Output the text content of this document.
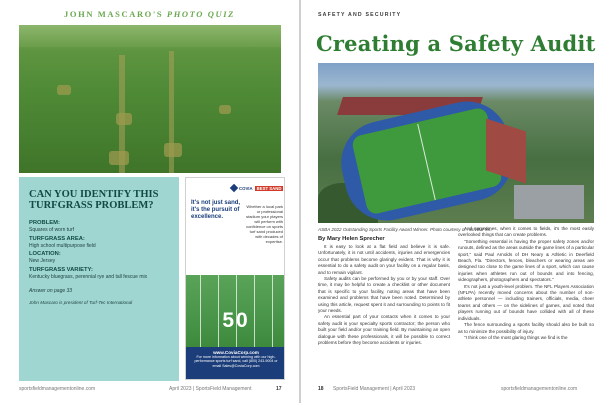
JOHN MASCARO'S PHOTO QUIZ
CAN YOU IDENTIFY THIS TURFGRASS PROBLEM?
PROBLEM:
Squares of worn turf
TURFGRASS AREA:
High school multipurpose field
LOCATION:
New Jersey
TURFGRASS VARIETY:
Kentucky bluegrass, perennial rye and tall fescue mix
Answer on page 33
John Mascaro is president of Turf-Tec International
COVIA BEST SAND
It's not just sand, it's the pursuit of excellence.
Whether a local park or professional stadium your players will perform with confidence on sports turf sand produced with decades of expertise.
50
www.CoviaCorp.com
For more information about winning with our high-performance sports turf sand, call (800) 243-9004 or email Sales@CoviaCorp.com
sportsfieldmanagementonline.com	April 2023 | SportsField Management	17
SAFETY AND SECURITY
Creating a Safety Audit
ASBA 2022 Outstanding Sports Facility Award Winner. Photo courtesy of ActivBal Inc.
By Mary Helen Sprecher

It is easy to look at a flat field and believe it is safe. Unfortunately, it is not until accidents, injuries and emergencies occur that problems become glaringly evident. That is why it is essential to do a safety audit on your facility on a regular basis, and to remain vigilant.

Safety audits can be performed by you or by your staff. Over time, it may be helpful to create a checklist or other document that is specific to your facility, noting areas that have been examined and problems that have been noted. Determined by using this article, request spent it and surrounding to points to fit your needs.

An essential part of your contacts when it comes to your safety audit is your specialty sports contractor; the person who built your field and/or your training field. By maintaining an open dialogue with these professionals, it will be possible to correct problems before they become accidents or injuries.

And sometimes, when it comes to fields, it's the most easily overlooked things that can create problems.

"Something essential is having the proper safety zones and/or runouts, defined as the areas outside the game lines of a particular sport," said Paul Arnolds of DH Neary & Athletic in Deerfield Beach, Fla. "Directors, fences, bleachers or wearing areas are designed too close to the game lines of a sport, which can cause injuries when athletes run out of bounds and into fencing, videographers, photographers and spectators."

It's not just a youth-level problem. The NFL Players Association (NFLPA) recently moved concerns about the number of non-athlete personnel — including trainers, officials, media, cheer teams and others — on the sidelines of games, and noted that players running out of bounds have collided with all of these individuals.

The fence surrounding a sports facility should also be built so as to minimize the possibility of injury.

"I think one of the most glaring things we find is the

18 SportsField Management | April 2023	sportsfieldmanagementonline.com
